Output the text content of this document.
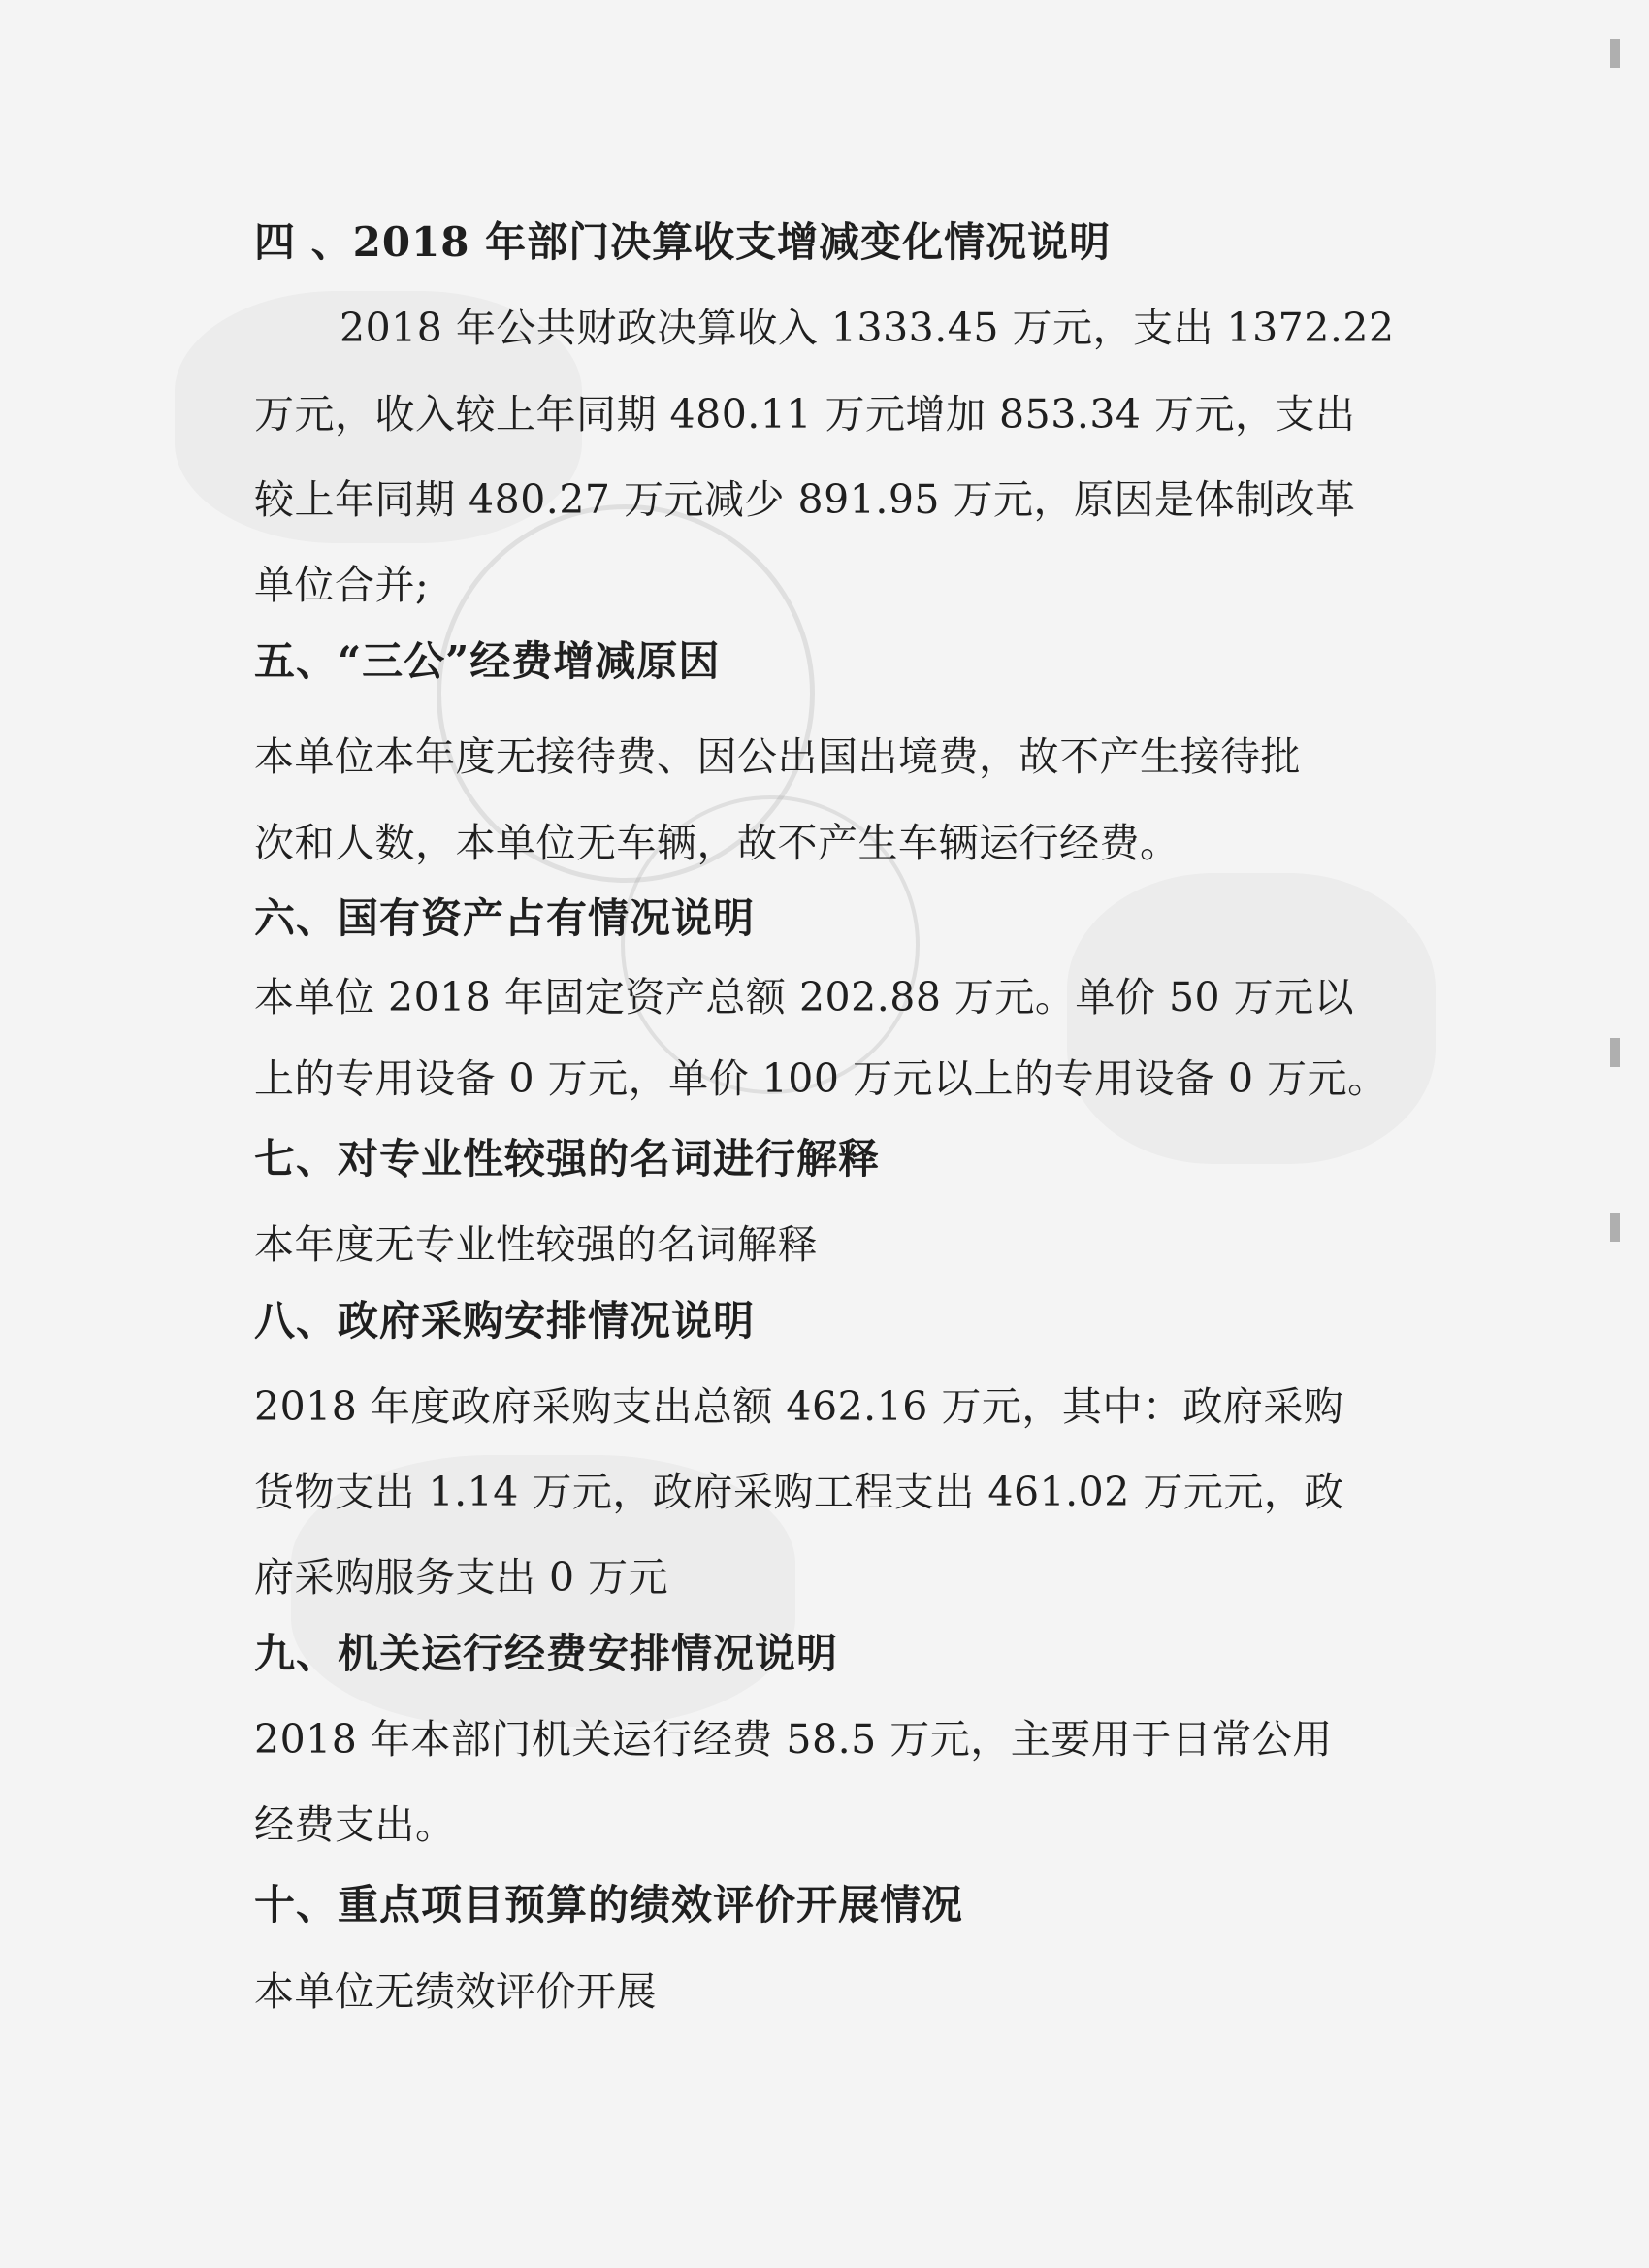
四 、2018 年部门决算收支增减变化情况说明
2018 年公共财政决算收入 1333.45 万元，支出 1372.22
万元，收入较上年同期 480.11 万元增加 853.34 万元，支出
较上年同期 480.27 万元减少 891.95 万元，原因是体制改革
单位合并;
五、“三公”经费增减原因
本单位本年度无接待费、因公出国出境费，故不产生接待批
次和人数，本单位无车辆，故不产生车辆运行经费。
六、国有资产占有情况说明
本单位 2018 年固定资产总额 202.88 万元。单价 50 万元以
上的专用设备 0 万元，单价 100 万元以上的专用设备 0 万元。
七、对专业性较强的名词进行解释
本年度无专业性较强的名词解释
八、政府采购安排情况说明
2018 年度政府采购支出总额 462.16 万元，其中：政府采购
货物支出 1.14 万元，政府采购工程支出 461.02 万元元，政
府采购服务支出 0 万元
九、机关运行经费安排情况说明
2018 年本部门机关运行经费 58.5 万元，主要用于日常公用
经费支出。
十、重点项目预算的绩效评价开展情况
本单位无绩效评价开展
